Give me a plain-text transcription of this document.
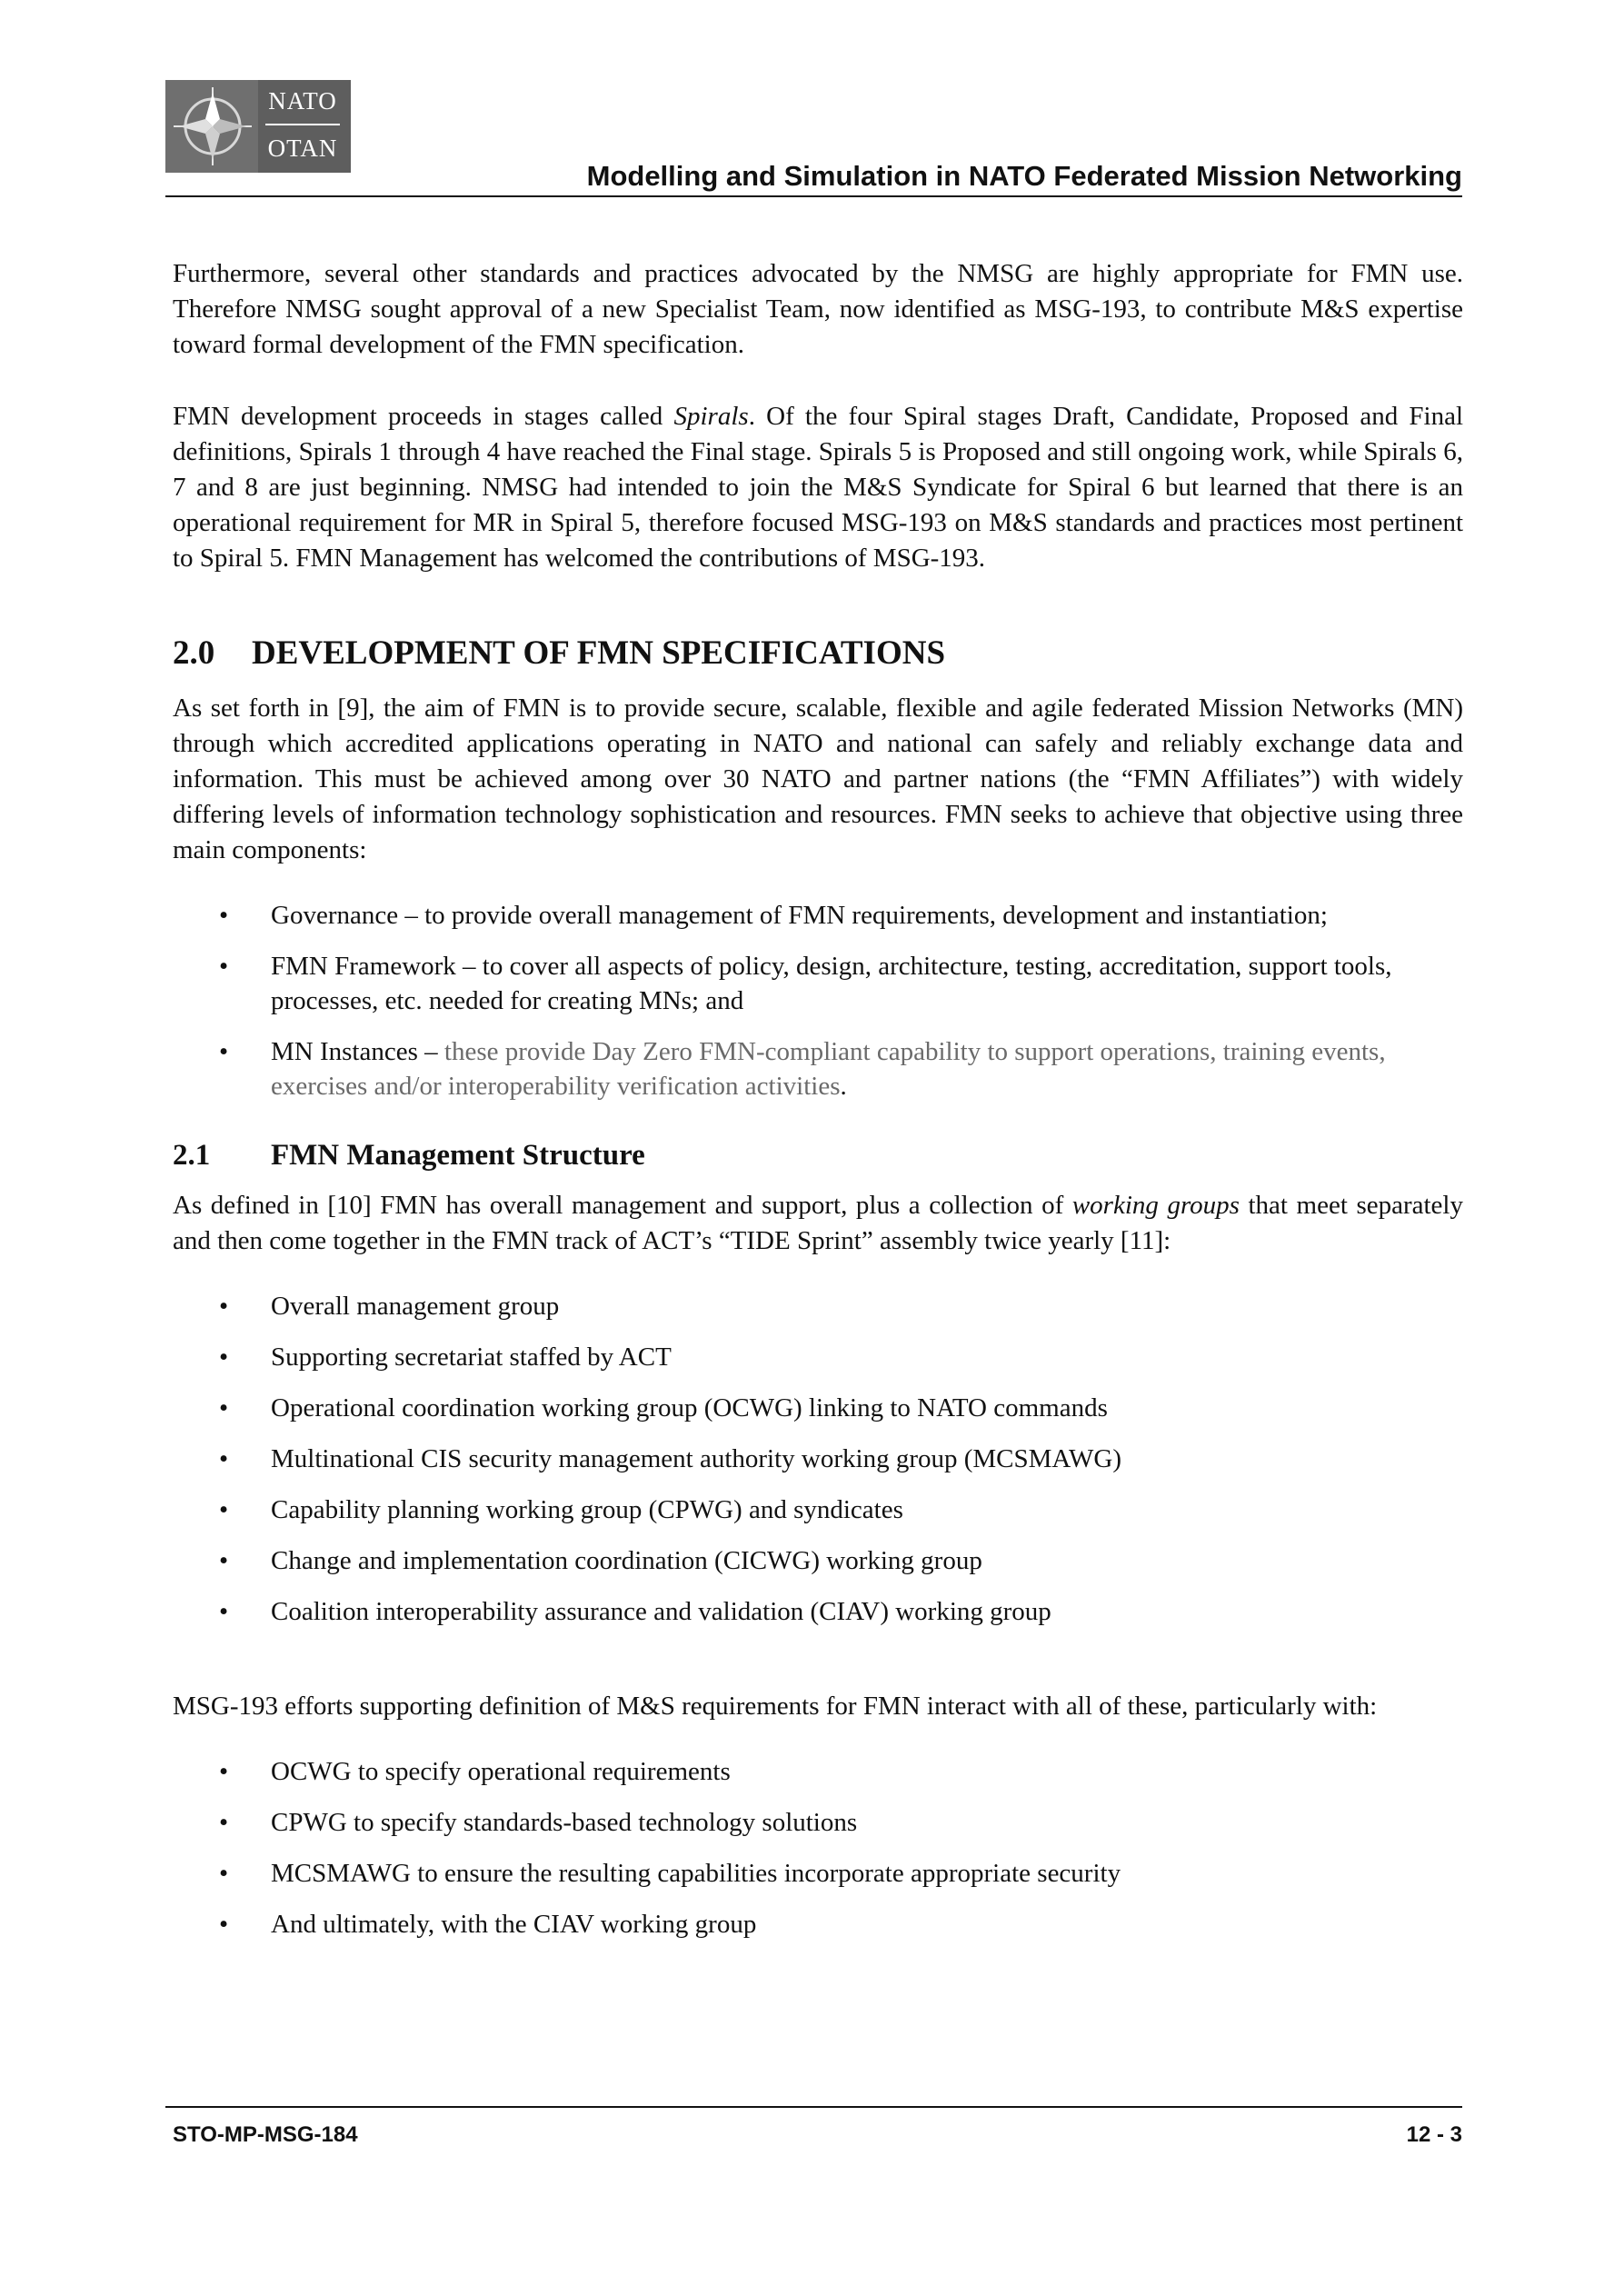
NATO
OTAN
Modelling and Simulation in NATO Federated Mission Networking

Furthermore, several other standards and practices advocated by the NMSG are highly appropriate for FMN use. Therefore NMSG sought approval of a new Specialist Team, now identified as MSG-193, to contribute M&S expertise toward formal development of the FMN specification.

FMN development proceeds in stages called Spirals. Of the four Spiral stages Draft, Candidate, Proposed and Final definitions, Spirals 1 through 4 have reached the Final stage. Spirals 5 is Proposed and still ongoing work, while Spirals 6, 7 and 8 are just beginning. NMSG had intended to join the M&S Syndicate for Spiral 6 but learned that there is an operational requirement for MR in Spiral 5, therefore focused MSG-193 on M&S standards and practices most pertinent to Spiral 5. FMN Management has welcomed the contributions of MSG-193.

2.0 DEVELOPMENT OF FMN SPECIFICATIONS

As set forth in [9], the aim of FMN is to provide secure, scalable, flexible and agile federated Mission Networks (MN) through which accredited applications operating in NATO and national can safely and reliably exchange data and information. This must be achieved among over 30 NATO and partner nations (the “FMN Affiliates”) with widely differing levels of information technology sophistication and resources. FMN seeks to achieve that objective using three main components:

• Governance – to provide overall management of FMN requirements, development and instantiation;
• FMN Framework – to cover all aspects of policy, design, architecture, testing, accreditation, support tools, processes, etc. needed for creating MNs; and
• MN Instances – these provide Day Zero FMN-compliant capability to support operations, training events, exercises and/or interoperability verification activities.
2.1 FMN Management Structure

As defined in [10] FMN has overall management and support, plus a collection of working groups that meet separately and then come together in the FMN track of ACT’s “TIDE Sprint” assembly twice yearly [11]:

• Overall management group
• Supporting secretariat staffed by ACT
• Operational coordination working group (OCWG) linking to NATO commands
• Multinational CIS security management authority working group (MCSMAWG)
• Capability planning working group (CPWG) and syndicates
• Change and implementation coordination (CICWG) working group
• Coalition interoperability assurance and validation (CIAV) working group

MSG-193 efforts supporting definition of M&S requirements for FMN interact with all of these, particularly with:

• OCWG to specify operational requirements
• CPWG to specify standards-based technology solutions
• MCSMAWG to ensure the resulting capabilities incorporate appropriate security
• And ultimately, with the CIAV working group
STO-MP-MSG-184	12 - 3
